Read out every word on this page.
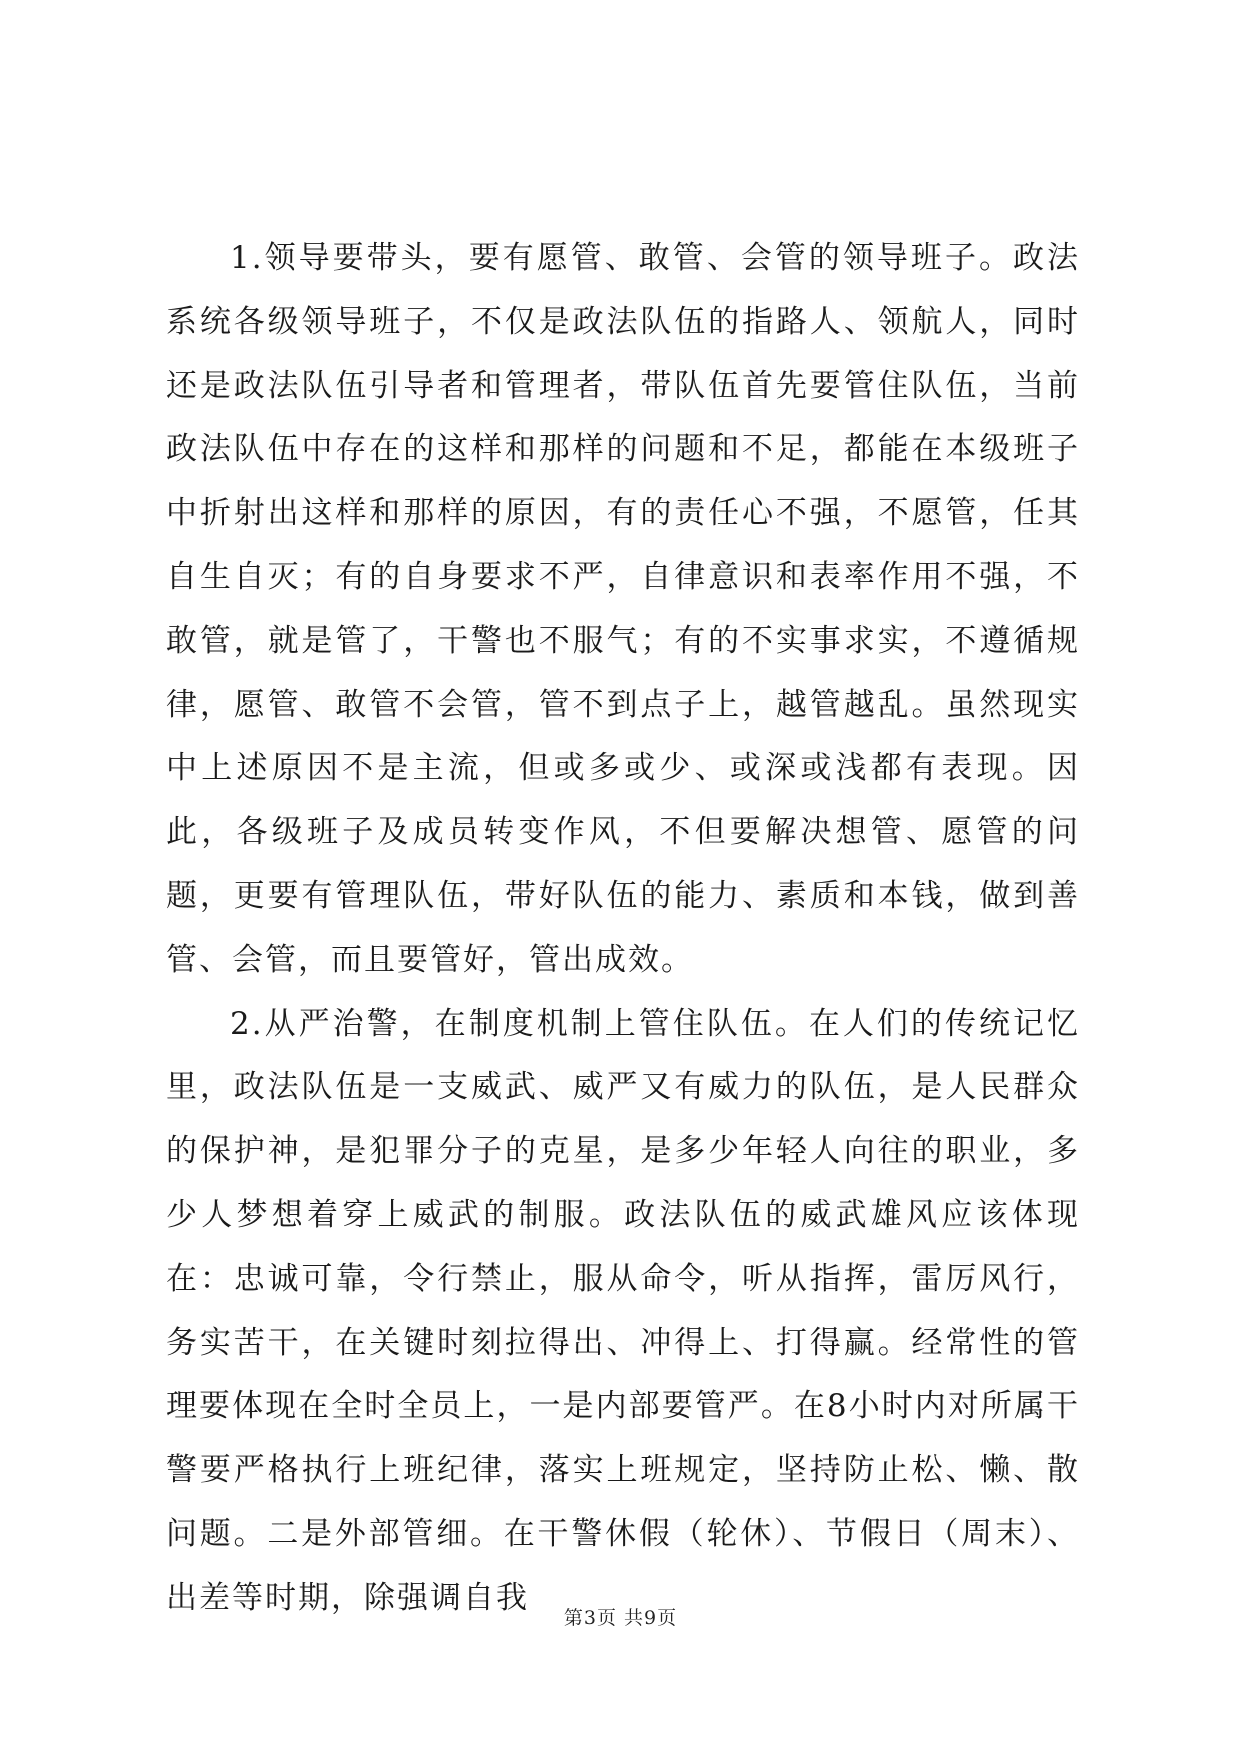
1.领导要带头，要有愿管、敢管、会管的领导班子。政法系统各级领导班子，不仅是政法队伍的指路人、领航人，同时还是政法队伍引导者和管理者，带队伍首先要管住队伍，当前政法队伍中存在的这样和那样的问题和不足，都能在本级班子中折射出这样和那样的原因，有的责任心不强，不愿管，任其自生自灭；有的自身要求不严，自律意识和表率作用不强，不敢管，就是管了，干警也不服气；有的不实事求实，不遵循规律，愿管、敢管不会管，管不到点子上，越管越乱。虽然现实中上述原因不是主流，但或多或少、或深或浅都有表现。因此，各级班子及成员转变作风，不但要解决想管、愿管的问题，更要有管理队伍，带好队伍的能力、素质和本钱，做到善管、会管，而且要管好，管出成效。

2.从严治警，在制度机制上管住队伍。在人们的传统记忆里，政法队伍是一支威武、威严又有威力的队伍，是人民群众的保护神，是犯罪分子的克星，是多少年轻人向往的职业，多少人梦想着穿上威武的制服。政法队伍的威武雄风应该体现在：忠诚可靠，令行禁止，服从命令，听从指挥，雷厉风行，务实苦干，在关键时刻拉得出、冲得上、打得赢。经常性的管理要体现在全时全员上，一是内部要管严。在8小时内对所属干警要严格执行上班纪律，落实上班规定，坚持防止松、懒、散问题。二是外部管细。在干警休假（轮休）、节假日（周末）、出差等时期，除强调自我

第3页 共9页
